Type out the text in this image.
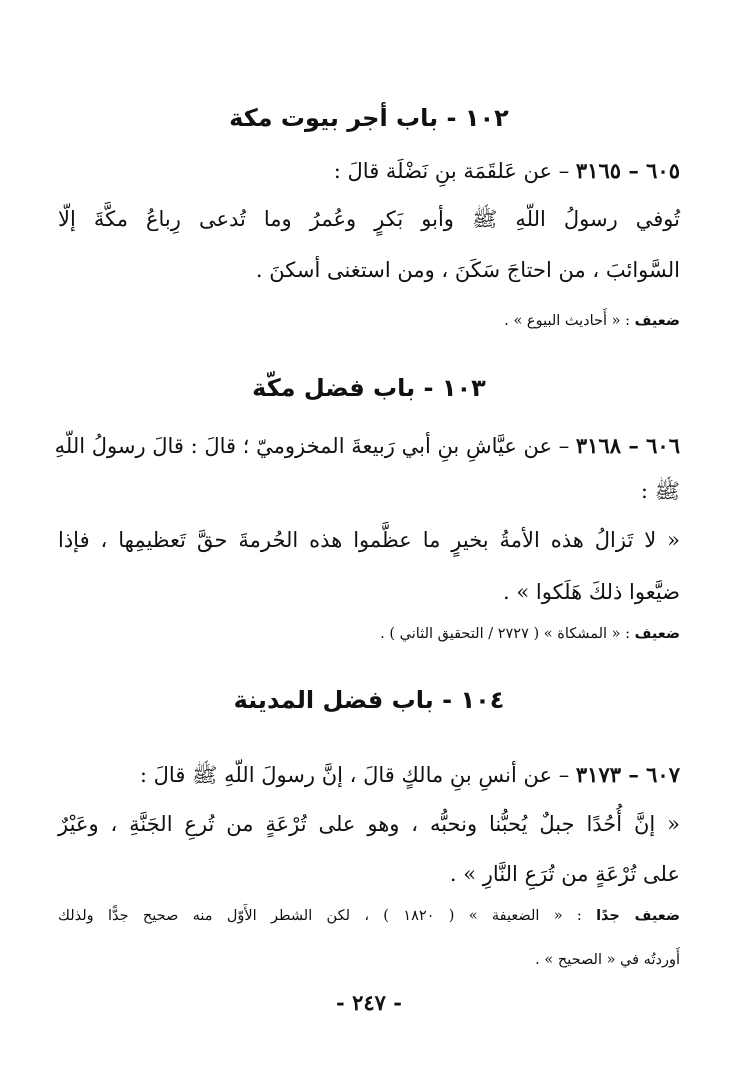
١٠٢ - باب أجر بيوت مكة
٦٠٥ – ٣١٦٥ – عن عَلقَمَة بنِ نَضْلَة قالَ :
تُوفي رسولُ اللّهِ ﷺ وأبو بَكرٍ وعُمرُ وما تُدعى رِباعُ مكَّةَ إلّا
السَّوائبَ ، من احتاجَ سَكَنَ ، ومن استغنى أسكنَ .
ضعيف : « أَحاديث البيوع » .
١٠٣ - باب فضل مكّة
٦٠٦ – ٣١٦٨ – عن عيَّاشِ بنِ أبي رَبيعةَ المخزوميّ ؛ قالَ : قالَ رسولُ اللّهِ
ﷺ :
« لا تَزالُ هذه الأمةُ بخيرٍ ما عظَّموا هذه الحُرمةَ حقَّ تَعظيمِها ، فإذا
ضيَّعوا ذلكَ هَلَكوا » .
ضعيف : « المشكاة » ( ٢٧٢٧ / التحقيق الثاني ) .
١٠٤ - باب فضل المدينة
٦٠٧ – ٣١٧٣ – عن أنسِ بنِ مالكٍ قالَ ، إنَّ رسولَ اللّهِ ﷺ قالَ :
« إنَّ أُحُدًا جبلٌ يُحبُّنا ونحبُّه ، وهو على تُرْعَةٍ من تُرعِ الجَنَّةِ ، وعَيْرٌ
على تُرْعَةٍ من تُرَعِ النَّارِ » .
ضعيف جدًا : « الضعيفة » ( ١٨٢٠ ) ، لكن الشطر الأَوّل منه صحيح جدًّا ولذلك
أَوردتُه في « الصحيح » .
- ٢٤٧ -
